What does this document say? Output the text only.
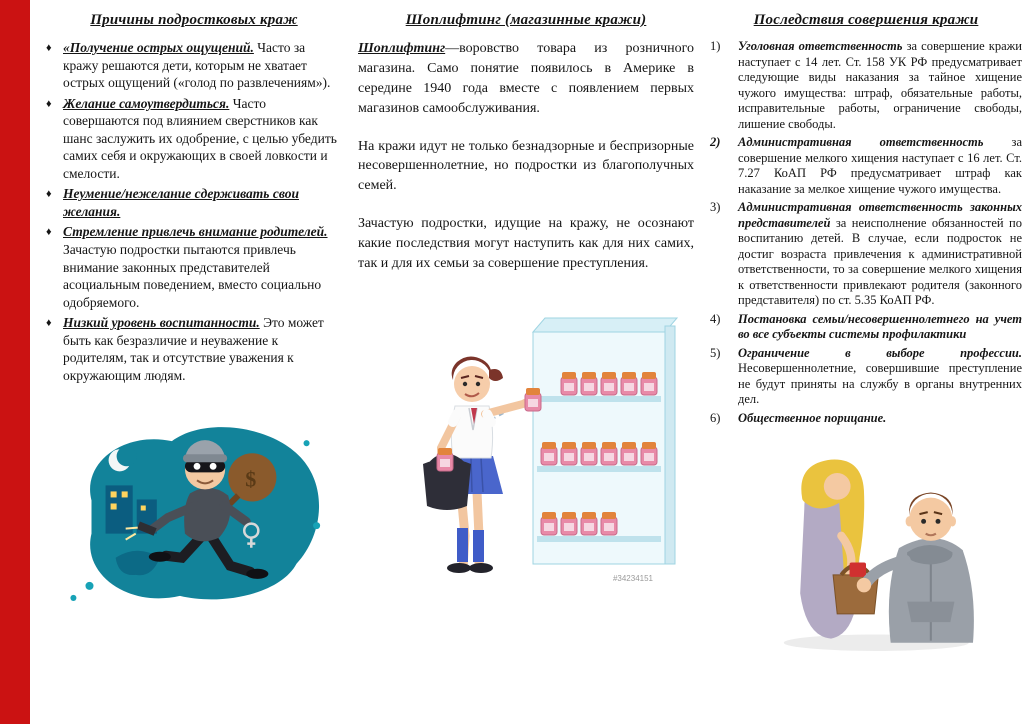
Причины подростковых краж
♦ «Получение острых ощущений. Часто за кражу решаются дети, которым не хватает острых ощущений («голод по развлечениям»).
♦ Желание самоутвердиться. Часто совершаются под влиянием сверстников как шанс заслужить их одобрение, с целью убедить самих себя и окружающих в своей ловкости и смелости.
♦ Неумение/нежелание сдерживать свои желания.
♦ Стремление привлечь внимание родителей. Зачастую подростки пытаются привлечь внимание законных представителей асоциальным поведением, вместо социально одобряемого.
♦ Низкий уровень воспитанности. Это может быть как безразличие и неуважение к родителям, так и отсутствие уважения к окружающим людям.
$
Шоплифтинг (магазинные кражи)

Шоплифтинг—воровство товара из розничного магазина. Само понятие появилось в Америке в середине 1940 года вместе с появлением первых магазинов самообслуживания.

На кражи идут не только безнадзорные и беспризорные несовершеннолетние, но подростки из благополучных семей.

Зачастую подростки, идущие на кражу, не осознают какие последствия могут наступить как для них самих, так и для их семьи за совершение преступления.

#34234151
Последствия совершения кражи
1)	Уголовная ответственность за совершение кражи наступает с 14 лет. Ст. 158 УК РФ предусматривает следующие виды наказания за тайное хищение чужого имущества: штраф, обязательные работы, исправительные работы, ограничение свободы, лишение свободы.
2)	Административная ответственность за совершение мелкого хищения наступает с 16 лет. Ст. 7.27 КоАП РФ предусматривает штраф как наказание за мелкое хищение чужого имущества.
3)	Административная ответственность законных представителей за неисполнение обязанностей по воспитанию детей. В случае, если подросток не достиг возраста привлечения к административной ответственности, то за совершение мелкого хищения к ответственности привлекают родителя (законного представителя) по ст. 5.35 КоАП РФ.
4)	Постановка семьи/несовершеннолетнего на учет во все субъекты системы профилактики
5)	Ограничение в выборе профессии. Несовершеннолетние, совершившие преступление не будут приняты на службу в органы внутренних дел.
6)	Общественное порицание.
